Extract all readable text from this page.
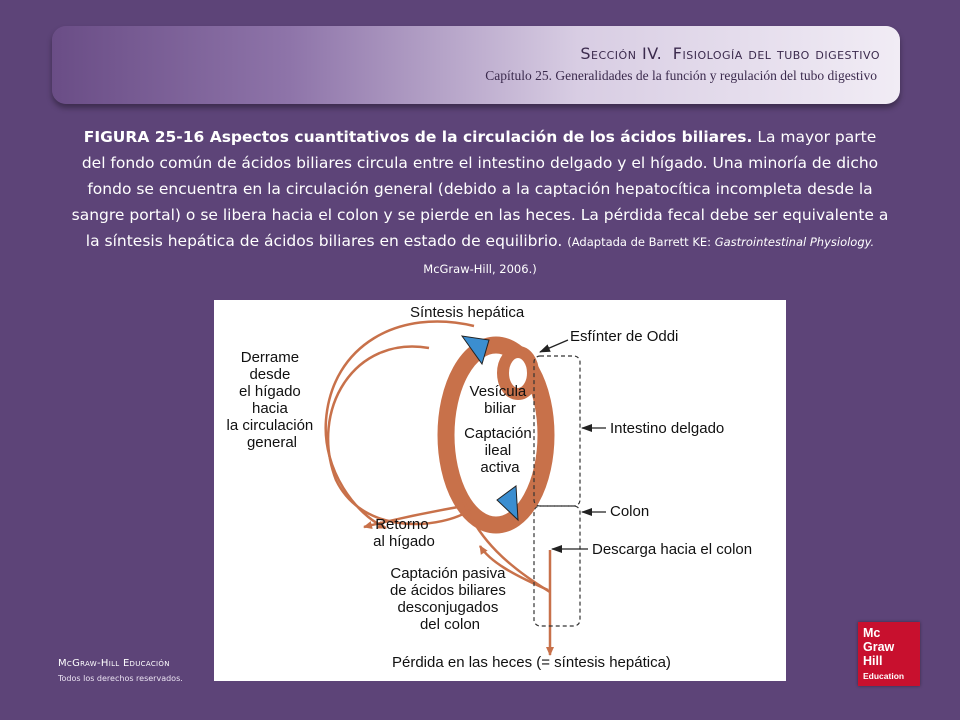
Sección IV. Fisiología del tubo digestivo
Capítulo 25. Generalidades de la función y regulación del tubo digestivo
FIGURA 25-16 Aspectos cuantitativos de la circulación de los ácidos biliares. La mayor parte del fondo común de ácidos biliares circula entre el intestino delgado y el hígado. Una minoría de dicho fondo se encuentra en la circulación general (debido a la captación hepatocítica incompleta desde la sangre portal) o se libera hacia el colon y se pierde en las heces. La pérdida fecal debe ser equivalente a la síntesis hepática de ácidos biliares en estado de equilibrio. (Adaptada de Barrett KE: Gastrointestinal Physiology. McGraw-Hill, 2006.)
Síntesis hepática
Esfínter de Oddi
Derrame desde el hígado hacia la circulación general
Vesícula biliar
Captación ileal activa
Intestino delgado
Colon
Retorno al hígado	Descarga hacia el colon
Captación pasiva de ácidos biliares desconjugados del colon
Pérdida en las heces (= síntesis hepática)
McGraw-Hill Educación
Todos los derechos reservados.
Mc
Graw
Hill
Education
